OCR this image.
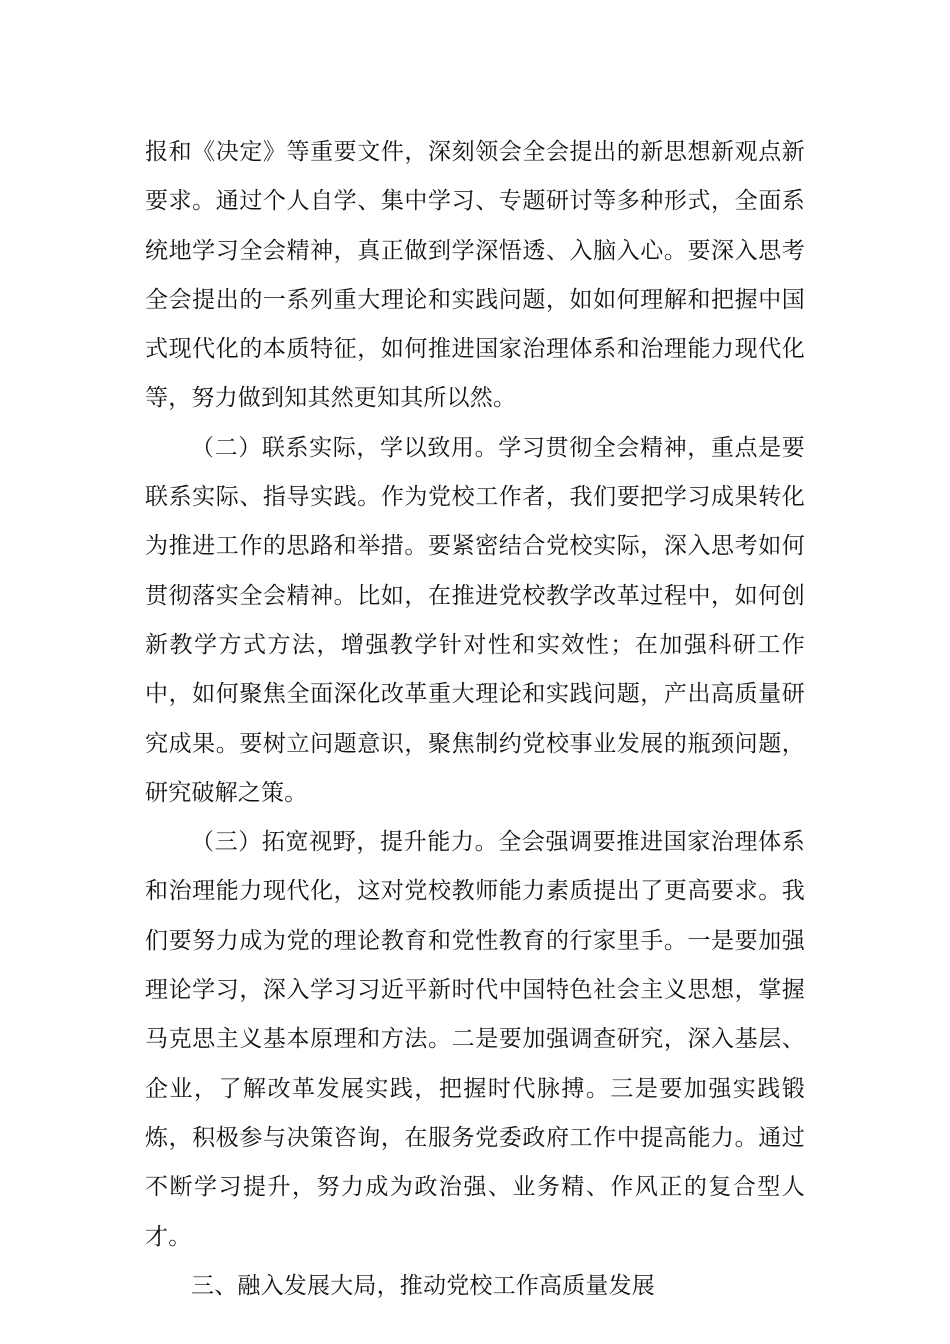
报和《决定》等重要文件，深刻领会全会提出的新思想新观点新要求。通过个人自学、集中学习、专题研讨等多种形式，全面系统地学习全会精神，真正做到学深悟透、入脑入心。要深入思考全会提出的一系列重大理论和实践问题，如如何理解和把握中国式现代化的本质特征，如何推进国家治理体系和治理能力现代化等，努力做到知其然更知其所以然。

（二）联系实际，学以致用。学习贯彻全会精神，重点是要联系实际、指导实践。作为党校工作者，我们要把学习成果转化为推进工作的思路和举措。要紧密结合党校实际，深入思考如何贯彻落实全会精神。比如，在推进党校教学改革过程中，如何创新教学方式方法，增强教学针对性和实效性；在加强科研工作中，如何聚焦全面深化改革重大理论和实践问题，产出高质量研究成果。要树立问题意识，聚焦制约党校事业发展的瓶颈问题，研究破解之策。

（三）拓宽视野，提升能力。全会强调要推进国家治理体系和治理能力现代化，这对党校教师能力素质提出了更高要求。我们要努力成为党的理论教育和党性教育的行家里手。一是要加强理论学习，深入学习习近平新时代中国特色社会主义思想，掌握马克思主义基本原理和方法。二是要加强调查研究，深入基层、企业，了解改革发展实践，把握时代脉搏。三是要加强实践锻炼，积极参与决策咨询，在服务党委政府工作中提高能力。通过不断学习提升，努力成为政治强、业务精、作风正的复合型人才。

三、融入发展大局，推动党校工作高质量发展
